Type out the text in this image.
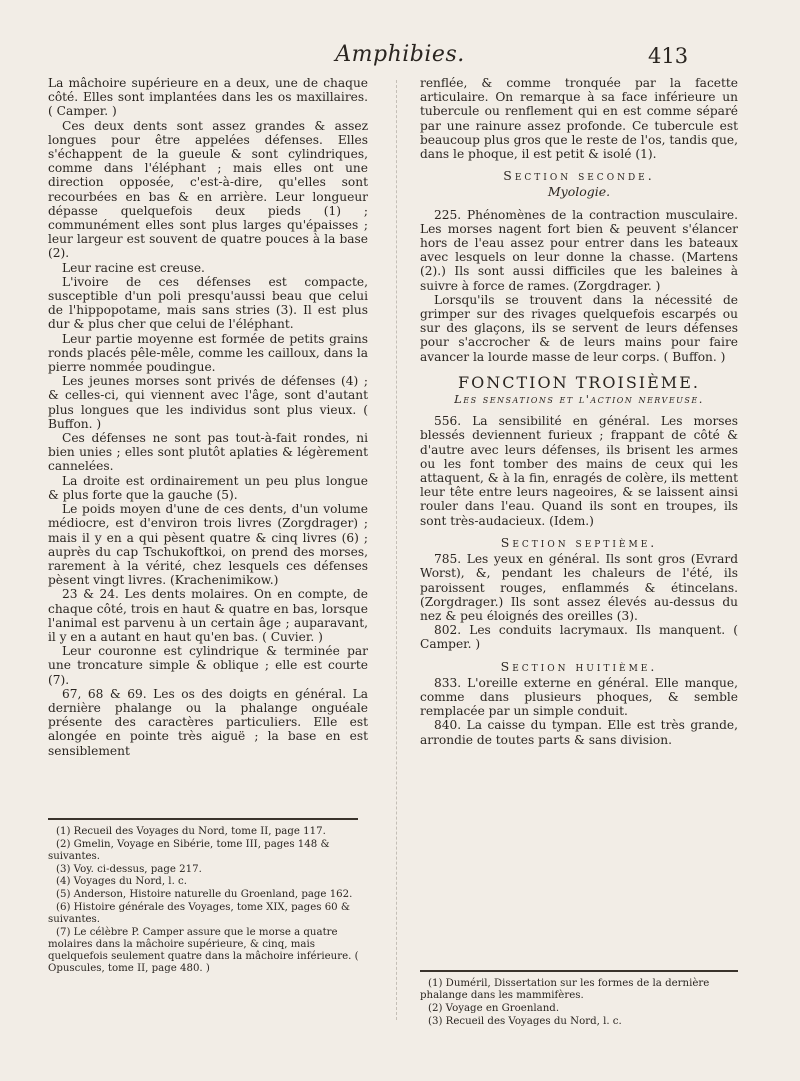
Amphibies.	413

La mâchoire supérieure en a deux, une de chaque côté. Elles sont implantées dans les os maxillaires. ( Camper. )

Ces deux dents sont assez grandes & assez longues pour être appelées défenses. Elles s'échappent de la gueule & sont cylindriques, comme dans l'éléphant ; mais elles ont une direction opposée, c'est-à-dire, qu'elles sont recourbées en bas & en arrière. Leur longueur dépasse quelquefois deux pieds (1) ; communément elles sont plus larges qu'épaisses ; leur largeur est souvent de quatre pouces à la base (2).

Leur racine est creuse.

L'ivoire de ces défenses est compacte, susceptible d'un poli presqu'aussi beau que celui de l'hippopotame, mais sans stries (3). Il est plus dur & plus cher que celui de l'éléphant.

Leur partie moyenne est formée de petits grains ronds placés pêle-mêle, comme les cailloux, dans la pierre nommée poudingue.

Les jeunes morses sont privés de défenses (4) ; & celles-ci, qui viennent avec l'âge, sont d'autant plus longues que les individus sont plus vieux. ( Buffon. )

Ces défenses ne sont pas tout-à-fait rondes, ni bien unies ; elles sont plutôt aplaties & légèrement cannelées.

La droite est ordinairement un peu plus longue & plus forte que la gauche (5).

Le poids moyen d'une de ces dents, d'un volume médiocre, est d'environ trois livres (Zorgdrager) ; mais il y en a qui pèsent quatre & cinq livres (6) ; auprès du cap Tschukoftkoi, on prend des morses, rarement à la vérité, chez lesquels ces défenses pèsent vingt livres. (Krachenimikow.)

23 & 24. Les dents molaires. On en compte, de chaque côté, trois en haut & quatre en bas, lorsque l'animal est parvenu à un certain âge ; auparavant, il y en a autant en haut qu'en bas. ( Cuvier. )

Leur couronne est cylindrique & terminée par une troncature simple & oblique ; elle est courte (7).

67, 68 & 69. Les os des doigts en général. La dernière phalange ou la phalange onguéale présente des caractères particuliers. Elle est alongée en pointe très aiguë ; la base en est sensiblement

(1) Recueil des Voyages du Nord, tome II, page 117.

(2) Gmelin, Voyage en Sibérie, tome III, pages 148 & suivantes.

(3) Voy. ci-dessus, page 217.

(4) Voyages du Nord, l. c.

(5) Anderson, Histoire naturelle du Groenland, page 162.

(6) Histoire générale des Voyages, tome XIX, pages 60 & suivantes.

(7) Le célèbre P. Camper assure que le morse a quatre molaires dans la mâchoire supérieure, & cinq, mais quelquefois seulement quatre dans la mâchoire inférieure. ( Opuscules, tome II, page 480. )

renflée, & comme tronquée par la facette articulaire. On remarque à sa face inférieure un tubercule ou renflement qui en est comme séparé par une rainure assez profonde. Ce tubercule est beaucoup plus gros que le reste de l'os, tandis que, dans le phoque, il est petit & isolé (1).

Section seconde.

Myologie.

225. Phénomènes de la contraction musculaire. Les morses nagent fort bien & peuvent s'élancer hors de l'eau assez pour entrer dans les bateaux avec lesquels on leur donne la chasse. (Martens (2).) Ils sont aussi difficiles que les baleines à suivre à force de rames. (Zorgdrager. )

Lorsqu'ils se trouvent dans la nécessité de grimper sur des rivages quelquefois escarpés ou sur des glaçons, ils se servent de leurs défenses pour s'accrocher & de leurs mains pour faire avancer la lourde masse de leur corps. ( Buffon. )

FONCTION TROISIÈME.

Les sensations et l'action nerveuse.

556. La sensibilité en général. Les morses blessés deviennent furieux ; frappant de côté & d'autre avec leurs défenses, ils brisent les armes ou les font tomber des mains de ceux qui les attaquent, & à la fin, enragés de colère, ils mettent leur tête entre leurs nageoires, & se laissent ainsi rouler dans l'eau. Quand ils sont en troupes, ils sont très-audacieux. (Idem.)

Section septième.

785. Les yeux en général. Ils sont gros (Evrard Worst), &, pendant les chaleurs de l'été, ils paroissent rouges, enflammés & étincelans. (Zorgdrager.) Ils sont assez élevés au-dessus du nez & peu éloignés des oreilles (3).

802. Les conduits lacrymaux. Ils manquent. ( Camper. )

Section huitième.

833. L'oreille externe en général. Elle manque, comme dans plusieurs phoques, & semble remplacée par un simple conduit.

840. La caisse du tympan. Elle est très grande, arrondie de toutes parts & sans division.

(1) Duméril, Dissertation sur les formes de la dernière phalange dans les mammifères.

(2) Voyage en Groenland.

(3) Recueil des Voyages du Nord, l. c.
